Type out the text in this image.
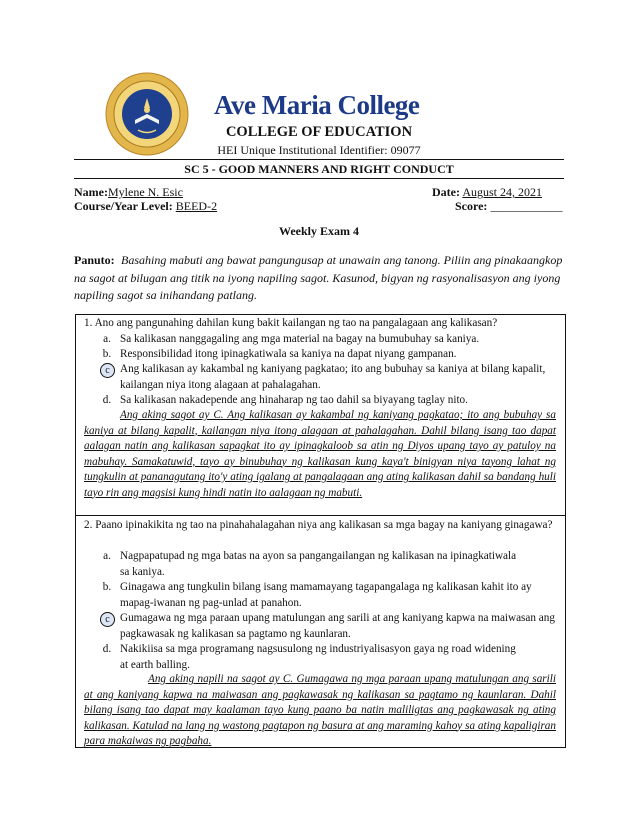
Ave Maria College
COLLEGE OF EDUCATION
HEI Unique Institutional Identifier: 09077
SC 5 - GOOD MANNERS AND RIGHT CONDUCT
Name:Mylene N. Esic	Date: August 24, 2021
Course/Year Level: BEED-2	Score: ____________
Weekly Exam 4
Panuto: Basahing mabuti ang bawat pangungusap at unawain ang tanong. Piliin ang pinakaangkop na sagot at bilugan ang titik na iyong napiling sagot. Kasunod, bigyan ng rasyonalisasyon ang iyong napiling sagot sa inihandang patlang.
1. Ano ang pangunahing dahilan kung bakit kailangan ng tao na pangalagaan ang kalikasan?
a. Sa kalikasan nanggagaling ang mga material na bagay na bumubuhay sa kaniya.
b. Responsibilidad itong ipinagkatiwala sa kaniya na dapat niyang gampanan.
c Ang kalikasan ay kakambal ng kaniyang pagkatao; ito ang bubuhay sa kaniya at bilang kapalit, kailangan niya itong alagaan at pahalagahan.
d. Sa kalikasan nakadepende ang hinaharap ng tao dahil sa biyayang taglay nito.
Ang aking sagot ay C. Ang kalikasan ay kakambal ng kaniyang pagkatao; ito ang bubuhay sa kaniya at bilang kapalit, kailangan niya itong alagaan at pahalagahan. Dahil bilang isang tao dapat aalagan natin ang kalikasan sapagkat ito ay ipinagkaloob sa atin ng Diyos upang tayo ay patuloy na mabuhay. Samakatuwid, tayo ay binubuhay ng kalikasan kung kaya't binigyan niya tayong lahat ng tungkulin at pananagutang ito'y ating igalang at pangalagaan ang ating kalikasan dahil sa bandang huli tayo rin ang magsisi kung hindi natin ito aalagaan ng mabuti.
2. Paano ipinakikita ng tao na pinahahalagahan niya ang kalikasan sa mga bagay na kaniyang ginagawa?
a. Nagpapatupad ng mga batas na ayon sa pangangailangan ng kalikasan na ipinagkatiwala sa kaniya.
b. Ginagawa ang tungkulin bilang isang mamamayang tagapangalaga ng kalikasan kahit ito ay mapag-iwanan ng pag-unlad at panahon.
c Gumagawa ng mga paraan upang matulungan ang sarili at ang kaniyang kapwa na maiwasan ang pagkawasak ng kalikasan sa pagtamo ng kaunlaran.
d. Nakikiisa sa mga programang nagsusulong ng industriyalisasyon gaya ng road widening at earth balling.
Ang aking napili na sagot ay C. Gumagawa ng mga paraan upang matulungan ang sarili at ang kaniyang kapwa na maiwasan ang pagkawasak ng kalikasan sa pagtamo ng kaunlaran. Dahil bilang isang tao dapat may kaalaman tayo kung paano ba natin maliligtas ang pagkawasak ng ating kalikasan. Katulad na lang ng wastong pagtapon ng basura at ang maraming kahoy sa ating kapaligiran para makaiwas ng pagbaha.
